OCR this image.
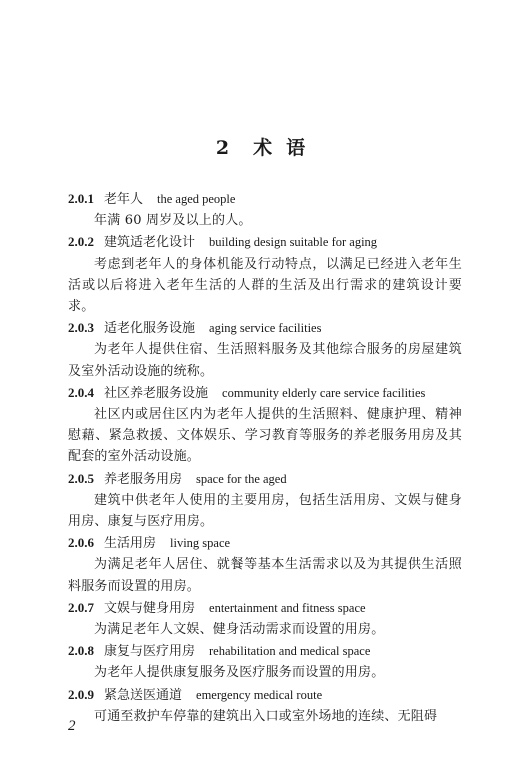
2 术 语
2.0.1 老年人 the aged people
年满 60 周岁及以上的人。
2.0.2 建筑适老化设计 building design suitable for aging
考虑到老年人的身体机能及行动特点，以满足已经进入老年生活或以后将进入老年生活的人群的生活及出行需求的建筑设计要求。
2.0.3 适老化服务设施 aging service facilities
为老年人提供住宿、生活照料服务及其他综合服务的房屋建筑及室外活动设施的统称。
2.0.4 社区养老服务设施 community elderly care service facilities
社区内或居住区内为老年人提供的生活照料、健康护理、精神慰藉、紧急救援、文体娱乐、学习教育等服务的养老服务用房及其配套的室外活动设施。
2.0.5 养老服务用房 space for the aged
建筑中供老年人使用的主要用房，包括生活用房、文娱与健身用房、康复与医疗用房。
2.0.6 生活用房 living space
为满足老年人居住、就餐等基本生活需求以及为其提供生活照料服务而设置的用房。
2.0.7 文娱与健身用房 entertainment and fitness space
为满足老年人文娱、健身活动需求而设置的用房。
2.0.8 康复与医疗用房 rehabilitation and medical space
为老年人提供康复服务及医疗服务而设置的用房。
2.0.9 紧急送医通道 emergency medical route
可通至救护车停靠的建筑出入口或室外场地的连续、无阻碍
2
